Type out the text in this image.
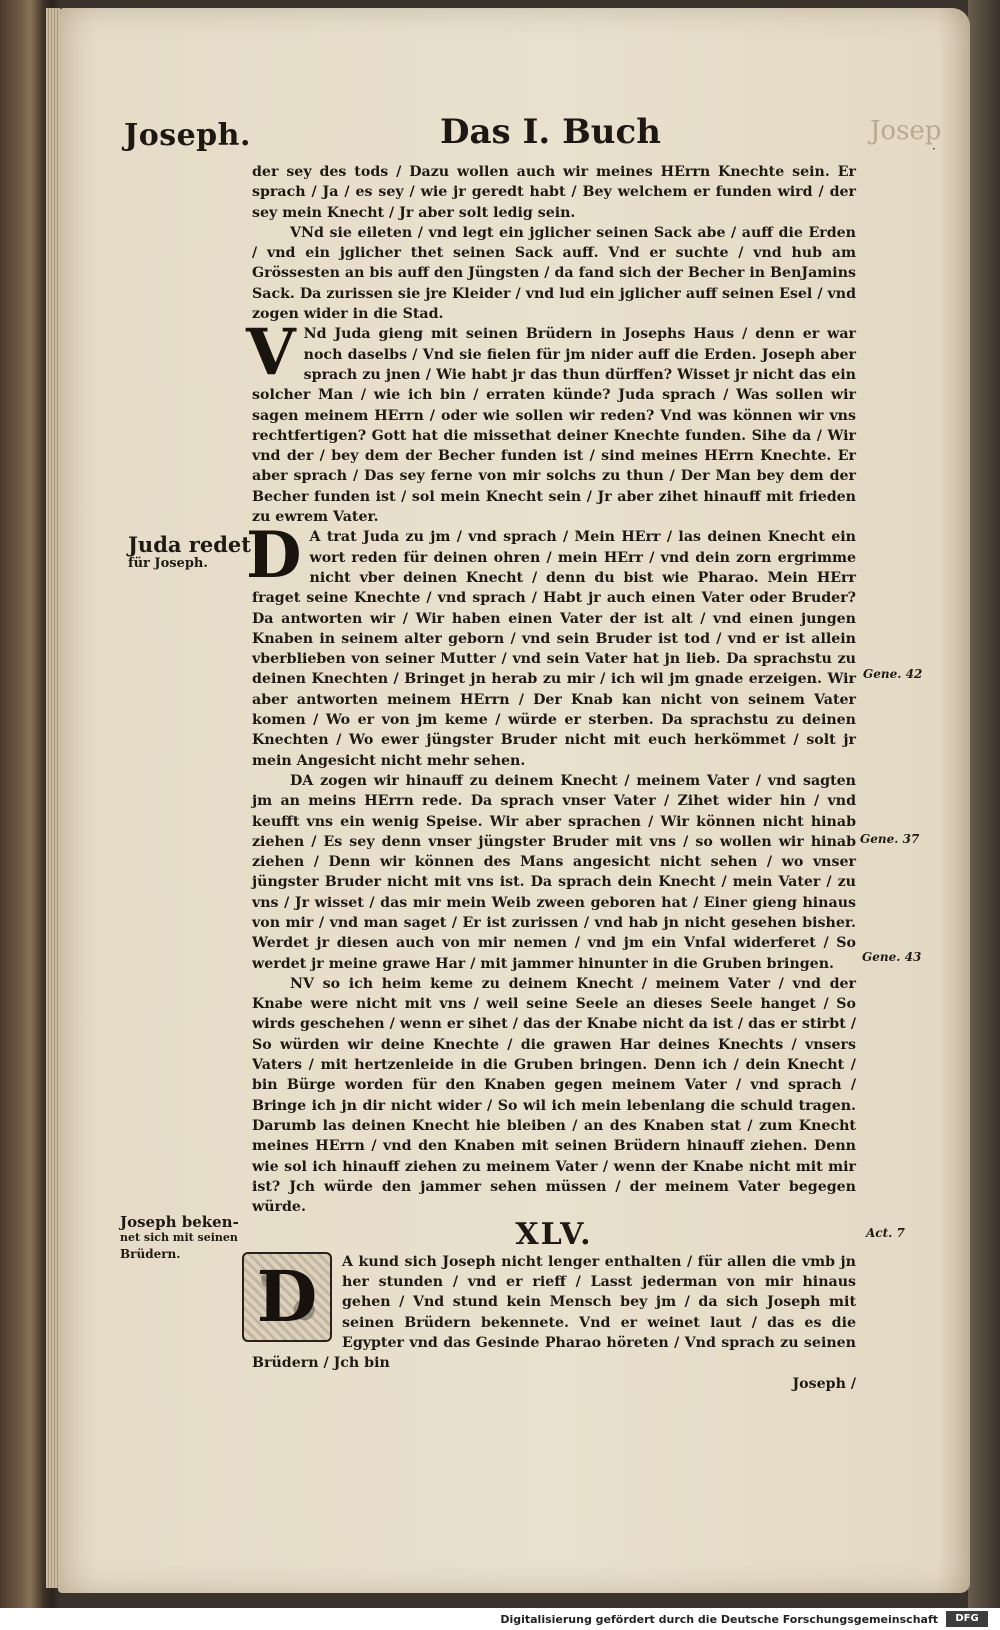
Joseph.	Das I. Buch	Josep

der sey des tods / Dazu wollen auch wir meines HErrn Knechte sein. Er sprach / Ja / es sey / wie jr geredt habt / Bey welchem er funden wird / der sey mein Knecht / Jr aber solt ledig sein.

VNd sie eileten / vnd legt ein jglicher seinen Sack abe / auff die Erden / vnd ein jglicher thet seinen Sack auff. Vnd er suchte / vnd hub am Grössesten an bis auff den Jüngsten / da fand sich der Becher in BenJamins Sack. Da zurissen sie jre Kleider / vnd lud ein jglicher auff seinen Esel / vnd zogen wider in die Stad.

V Nd Juda gieng mit seinen Brüdern in Josephs Haus / denn er war noch daselbs / Vnd sie fielen für jm nider auff die Erden. Joseph aber sprach zu jnen / Wie habt jr das thun dürffen? Wisset jr nicht das ein solcher Man / wie ich bin / erraten künde? Juda sprach / Was sollen wir sagen meinem HErrn / oder wie sollen wir reden? Vnd was können wir vns rechtfertigen? Gott hat die missethat deiner Knechte funden. Sihe da / Wir vnd der / bey dem der Becher funden ist / sind meines HErrn Knechte. Er aber sprach / Das sey ferne von mir solchs zu thun / Der Man bey dem der Becher funden ist / sol mein Knecht sein / Jr aber zihet hinauff mit frieden zu ewrem Vater.

D A trat Juda zu jm / vnd sprach / Mein HErr / las deinen Knecht ein wort reden für deinen ohren / mein HErr / vnd dein zorn ergrimme nicht vber deinen Knecht / denn du bist wie Pharao. Mein HErr fraget seine Knechte / vnd sprach / Habt jr auch einen Vater oder Bruder? Da antworten wir / Wir haben einen Vater der ist alt / vnd einen jungen Knaben in seinem alter geborn / vnd sein Bruder ist tod / vnd er ist allein vberblieben von seiner Mutter / vnd sein Vater hat jn lieb. Da sprachstu zu deinen Knechten / Bringet jn herab zu mir / ich wil jm gnade erzeigen. Wir aber antworten meinem HErrn / Der Knab kan nicht von seinem Vater komen / Wo er von jm keme / würde er sterben. Da sprachstu zu deinen Knechten / Wo ewer jüngster Bruder nicht mit euch herkömmet / solt jr mein Angesicht nicht mehr sehen.

DA zogen wir hinauff zu deinem Knecht / meinem Vater / vnd sagten jm an meins HErrn rede. Da sprach vnser Vater / Zihet wider hin / vnd keufft vns ein wenig Speise. Wir aber sprachen / Wir können nicht hinab ziehen / Es sey denn vnser jüngster Bruder mit vns / so wollen wir hinab ziehen / Denn wir können des Mans angesicht nicht sehen / wo vnser jüngster Bruder nicht mit vns ist. Da sprach dein Knecht / mein Vater / zu vns / Jr wisset / das mir mein Weib zween geboren hat / Einer gieng hinaus von mir / vnd man saget / Er ist zurissen / vnd hab jn nicht gesehen bisher. Werdet jr diesen auch von mir nemen / vnd jm ein Vnfal widerferet / So werdet jr meine grawe Har / mit jammer hinunter in die Gruben bringen.

NV so ich heim keme zu deinem Knecht / meinem Vater / vnd der Knabe were nicht mit vns / weil seine Seele an dieses Seele hanget / So wirds geschehen / wenn er sihet / das der Knabe nicht da ist / das er stirbt / So würden wir deine Knechte / die grawen Har deines Knechts / vnsers Vaters / mit hertzenleide in die Gruben bringen. Denn ich / dein Knecht / bin Bürge worden für den Knaben gegen meinem Vater / vnd sprach / Bringe ich jn dir nicht wider / So wil ich mein lebenlang die schuld tragen. Darumb las deinen Knecht hie bleiben / an des Knaben stat / zum Knecht meines HErrn / vnd den Knaben mit seinen Brüdern hinauff ziehen. Denn wie sol ich hinauff ziehen zu meinem Vater / wenn der Knabe nicht mit mir ist? Jch würde den jammer sehen müssen / der meinem Vater begegen würde.

XLV.

D	A kund sich Joseph nicht lenger enthalten / für allen die vmb jn her stunden / vnd er rieff / Lasst jederman von mir hinaus gehen / Vnd stund kein Mensch bey jm / da sich Joseph mit seinen Brüdern bekennete. Vnd er weinet laut / das es die Egypter vnd das Gesinde Pharao höreten / Vnd sprach zu seinen Brüdern / Jch bin

Joseph /

Juda redet
für Joseph.
Joseph beken-
net sich mit seinen
Brüdern.
Gene. 42
Gene. 37
Gene. 43
Act. 7
·
Digitalisierung gefördert durch die Deutsche Forschungsgemeinschaft	DFG
